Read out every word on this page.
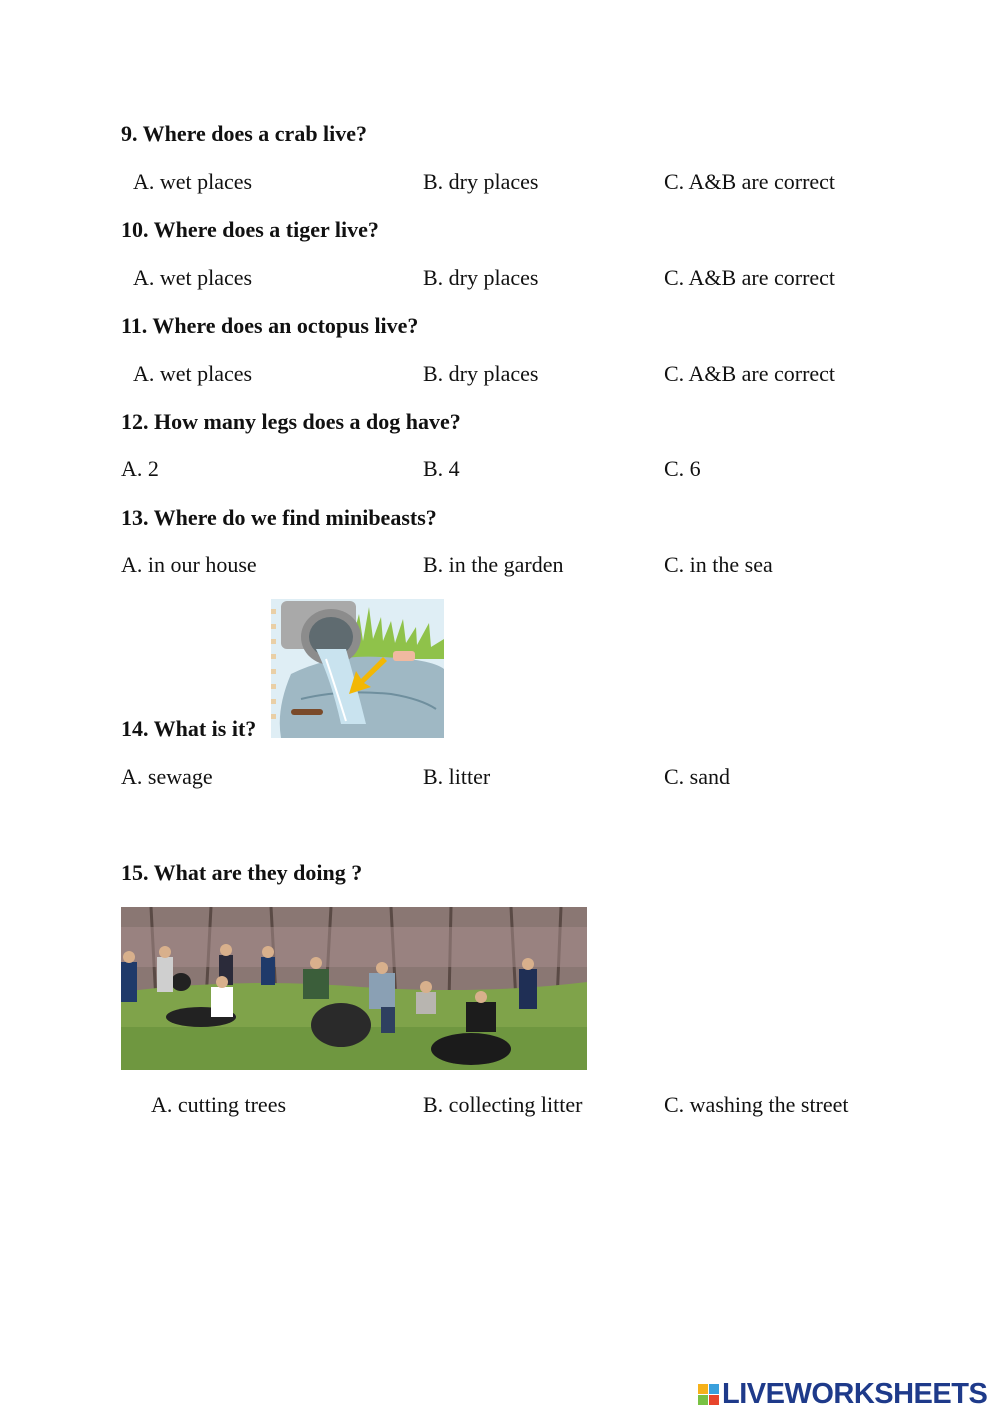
9. Where does a crab live?
A. wet places	B. dry places	C. A&B are correct
10. Where does a tiger live?
A. wet places	B. dry places	C. A&B are correct
11. Where does an octopus live?
A. wet places	B. dry places	C. A&B are correct
12. How many legs does a dog have?
A. 2	B. 4	C. 6
13. Where do we find minibeasts?
A. in our house	B. in the garden	C. in the sea
14. What is it?
A. sewage	B. litter	C. sand
15. What are they doing ?
A. cutting trees	B. collecting litter	C. washing the street
LIVEWORKSHEETS
